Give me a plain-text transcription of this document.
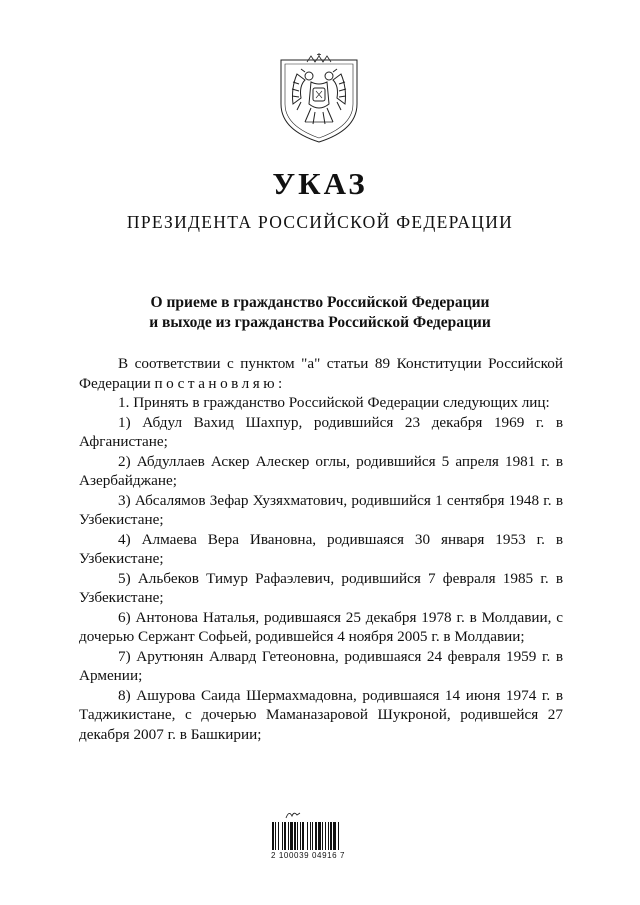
УКАЗ
ПРЕЗИДЕНТА РОССИЙСКОЙ ФЕДЕРАЦИИ
О приеме в гражданство Российской Федерации
и выходе из гражданства Российской Федерации

В соответствии с пунктом "а" статьи 89 Конституции Российской Федерации постановляю:

1. Принять в гражданство Российской Федерации следующих лиц:

1) Абдул Вахид Шахпур, родившийся 23 декабря 1969 г. в Афганистане;

2) Абдуллаев Аскер Алескер оглы, родившийся 5 апреля 1981 г. в Азербайджане;

3) Абсалямов Зефар Хузяхматович, родившийся 1 сентября 1948 г. в Узбекистане;

4) Алмаева Вера Ивановна, родившаяся 30 января 1953 г. в Узбекистане;

5) Альбеков Тимур Рафаэлевич, родившийся 7 февраля 1985 г. в Узбекистане;

6) Антонова Наталья, родившаяся 25 декабря 1978 г. в Молдавии, с дочерью Сержант Софьей, родившейся 4 ноября 2005 г. в Молдавии;

7) Арутюнян Алвард Гетеоновна, родившаяся 24 февраля 1959 г. в Армении;

8) Ашурова Саида Шермахмадовна, родившаяся 14 июня 1974 г. в Таджикистане, с дочерью Маманазаровой Шукроной, родившейся 27 декабря 2007 г. в Башкирии;

2 100039 04916 7
